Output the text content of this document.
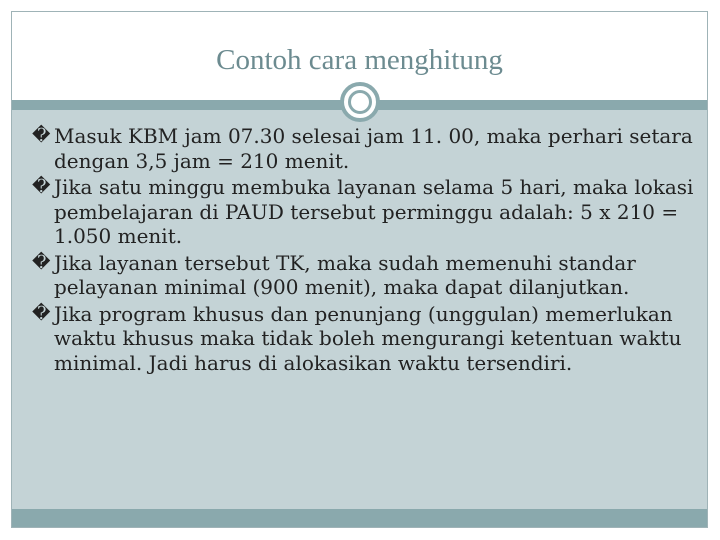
Contoh cara menghitung

� Masuk KBM jam 07.30 selesai jam 11. 00, maka perhari setara dengan 3,5 jam = 210 menit.

� Jika satu minggu membuka layanan selama 5 hari, maka lokasi pembelajaran di PAUD tersebut perminggu adalah: 5 x 210 = 1.050 menit.

� Jika layanan tersebut TK, maka sudah memenuhi standar pelayanan minimal (900 menit), maka dapat dilanjutkan.

� Jika program khusus dan penunjang (unggulan) memerlukan waktu khusus maka tidak boleh mengurangi ketentuan waktu minimal. Jadi harus di alokasikan waktu tersendiri.
